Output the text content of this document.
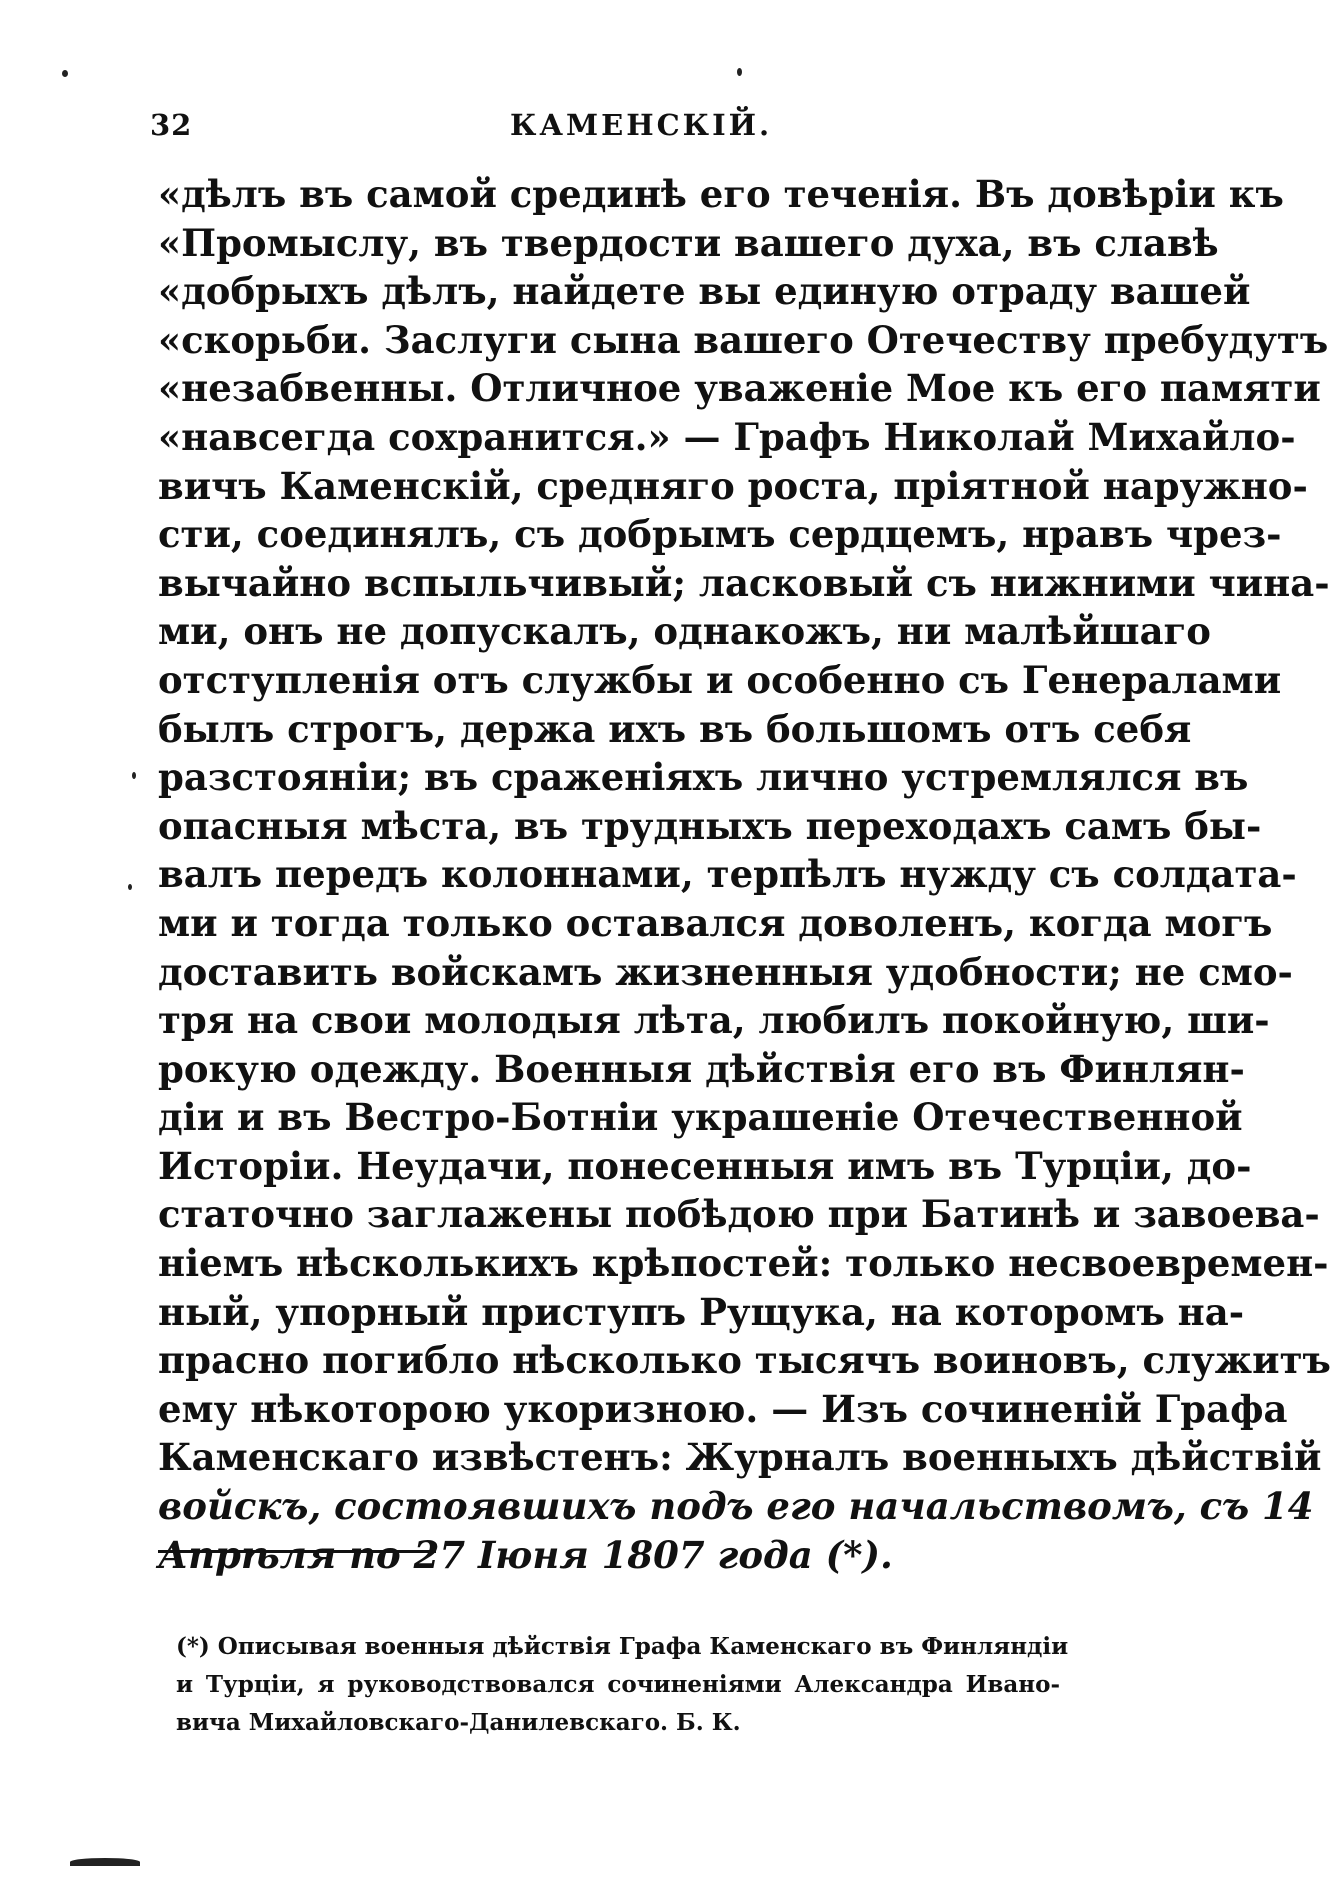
32	КАМЕНСКІЙ.
«дѣлъ въ самой срединѣ его теченія. Въ довѣріи къ
«Промыслу, въ твердости вашего духа, въ славѣ
«добрыхъ дѣлъ, найдете вы единую отраду вашей
«скорьби. Заслуги сына вашего Отечеству пребудутъ
«незабвенны. Отличное уваженіе Мое къ его памяти
«навсегда сохранится.» — Графъ Николай Михайло-
вичъ Каменскій, средняго роста, пріятной наружно-
сти, соединялъ, съ добрымъ сердцемъ, нравъ чрез-
вычайно вспыльчивый; ласковый съ нижними чина-
ми, онъ не допускалъ, однакожъ, ни малѣйшаго
отступленія отъ службы и особенно съ Генералами
былъ строгъ, держа ихъ въ большомъ отъ себя
разстояніи; въ сраженіяхъ лично устремлялся въ
опасныя мѣста, въ трудныхъ переходахъ самъ бы-
валъ передъ колоннами, терпѣлъ нужду съ солдата-
ми и тогда только оставался доволенъ, когда могъ
доставить войскамъ жизненныя удобности; не смо-
тря на свои молодыя лѣта, любилъ покойную, ши-
рокую одежду. Военныя дѣйствія его въ Финлян-
діи и въ Вестро-Ботніи украшеніе Отечественной
Исторіи. Неудачи, понесенныя имъ въ Турціи, до-
статочно заглажены побѣдою при Батинѣ и завоева-
ніемъ нѣсколькихъ крѣпостей: только несвоевремен-
ный, упорный приступъ Рущука, на которомъ на-
прасно погибло нѣсколько тысячъ воиновъ, служитъ
ему нѣкоторою укоризною. — Изъ сочиненій Графа
Каменскаго извѣстенъ: Журналъ военныхъ дѣйствій
войскъ, состоявшихъ подъ его начальствомъ, съ 14
Апрѣля по 27 Іюня 1807 года (*).
(*) Описывая военныя дѣйствія Графа Каменскаго въ Финляндіи
и Турціи, я руководствовался сочиненіями Александра Ивано-
вича Михайловскаго-Данилевскаго. Б. К.
